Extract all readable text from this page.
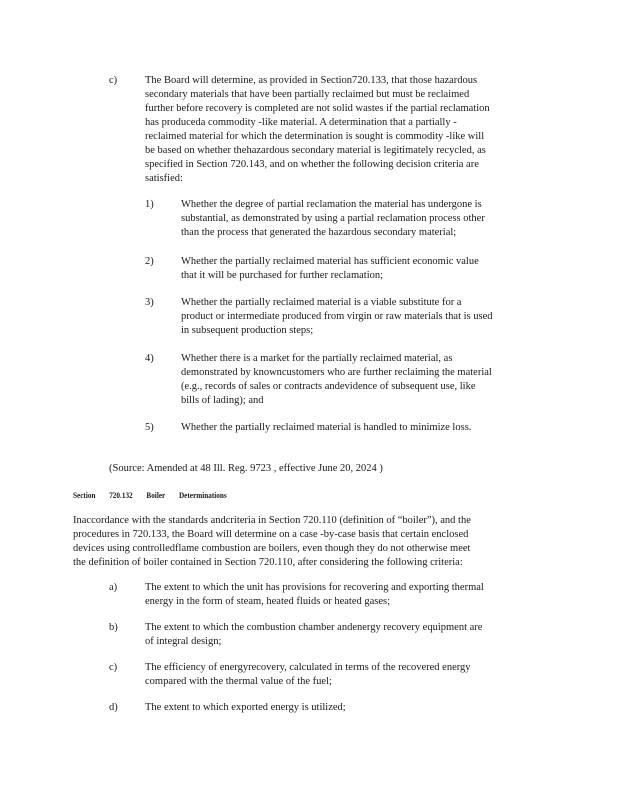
c)	The Board will determine, as provided in Section720.133, that those hazardous
secondary materials that have been partially reclaimed but must be reclaimed
further before recovery is completed are not solid wastes if the partial reclamation
has produceda commodity -like material. A determination that a partially -
reclaimed material for which the determination is sought is commodity -like will
be based on whether thehazardous secondary material is legitimately recycled, as
specified in Section 720.143, and on whether the following decision criteria are
satisfied:
1)	Whether the degree of partial reclamation the material has undergone is
substantial, as demonstrated by using a partial reclamation process other
than the process that generated the hazardous secondary material;
2)	Whether the partially reclaimed material has sufficient economic value
that it will be purchased for further reclamation;
3)	Whether the partially reclaimed material is a viable substitute for a
product or intermediate produced from virgin or raw materials that is used
in subsequent production steps;
4)	Whether there is a market for the partially reclaimed material, as
demonstrated by knowncustomers who are further reclaiming the material
(e.g., records of sales or contracts andevidence of subsequent use, like
bills of lading); and
5)	Whether the partially reclaimed material is handled to minimize loss.
(Source: Amended at 48 Ill. Reg. 9723 , effective June 20, 2024 )
Section 720.132 Boiler Determinations
Inaccordance with the standards andcriteria in Section 720.110 (definition of “boiler”), and the
procedures in 720.133, the Board will determine on a case -by-case basis that certain enclosed
devices using controlledflame combustion are boilers, even though they do not otherwise meet
the definition of boiler contained in Section 720.110, after considering the following criteria:
a)	The extent to which the unit has provisions for recovering and exporting thermal
energy in the form of steam, heated fluids or heated gases;
b)	The extent to which the combustion chamber andenergy recovery equipment are
of integral design;
c)	The efficiency of energyrecovery, calculated in terms of the recovered energy
compared with the thermal value of the fuel;
d)	The extent to which exported energy is utilized;
